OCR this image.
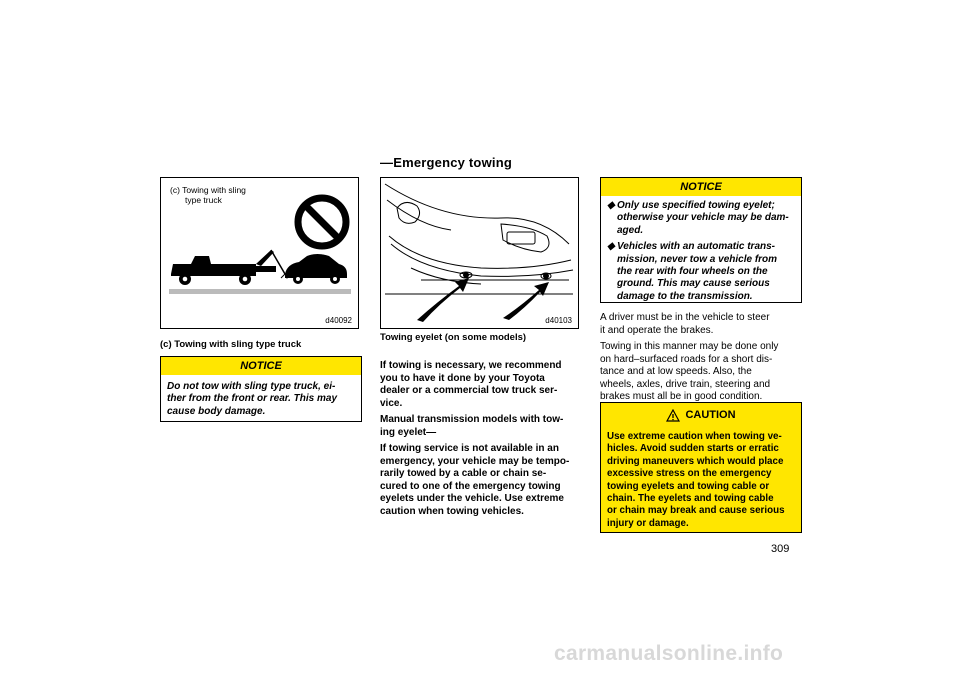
—Emergency towing
(c) Towing with sling
type truck
d40092
(c) Towing with sling type truck
NOTICE
Do not tow with sling type truck, ei-
ther from the front or rear. This may
cause body damage.
d40103
Towing eyelet (on some models)
If towing is necessary, we recommend
you to have it done by your Toyota
dealer or a commercial tow truck ser-
vice.
Manual transmission models with tow-
ing eyelet—
If towing service is not available in an
emergency, your vehicle may be tempo-
rarily towed by a cable or chain se-
cured to one of the emergency towing
eyelets under the vehicle. Use extreme
caution when towing vehicles.
NOTICE
◆ Only use specified towing eyelet;
otherwise your vehicle may be dam-
aged.
◆ Vehicles with an automatic trans-
mission, never tow a vehicle from
the rear with four wheels on the
ground. This may cause serious
damage to the transmission.
A driver must be in the vehicle to steer
it and operate the brakes.
Towing in this manner may be done only
on hard–surfaced roads for a short dis-
tance and at low speeds. Also, the
wheels, axles, drive train, steering and
brakes must all be in good condition.
CAUTION
Use extreme caution when towing ve-
hicles. Avoid sudden starts or erratic
driving maneuvers which would place
excessive stress on the emergency
towing eyelets and towing cable or
chain. The eyelets and towing cable
or chain may break and cause serious
injury or damage.
309
carmanualsonline.info
